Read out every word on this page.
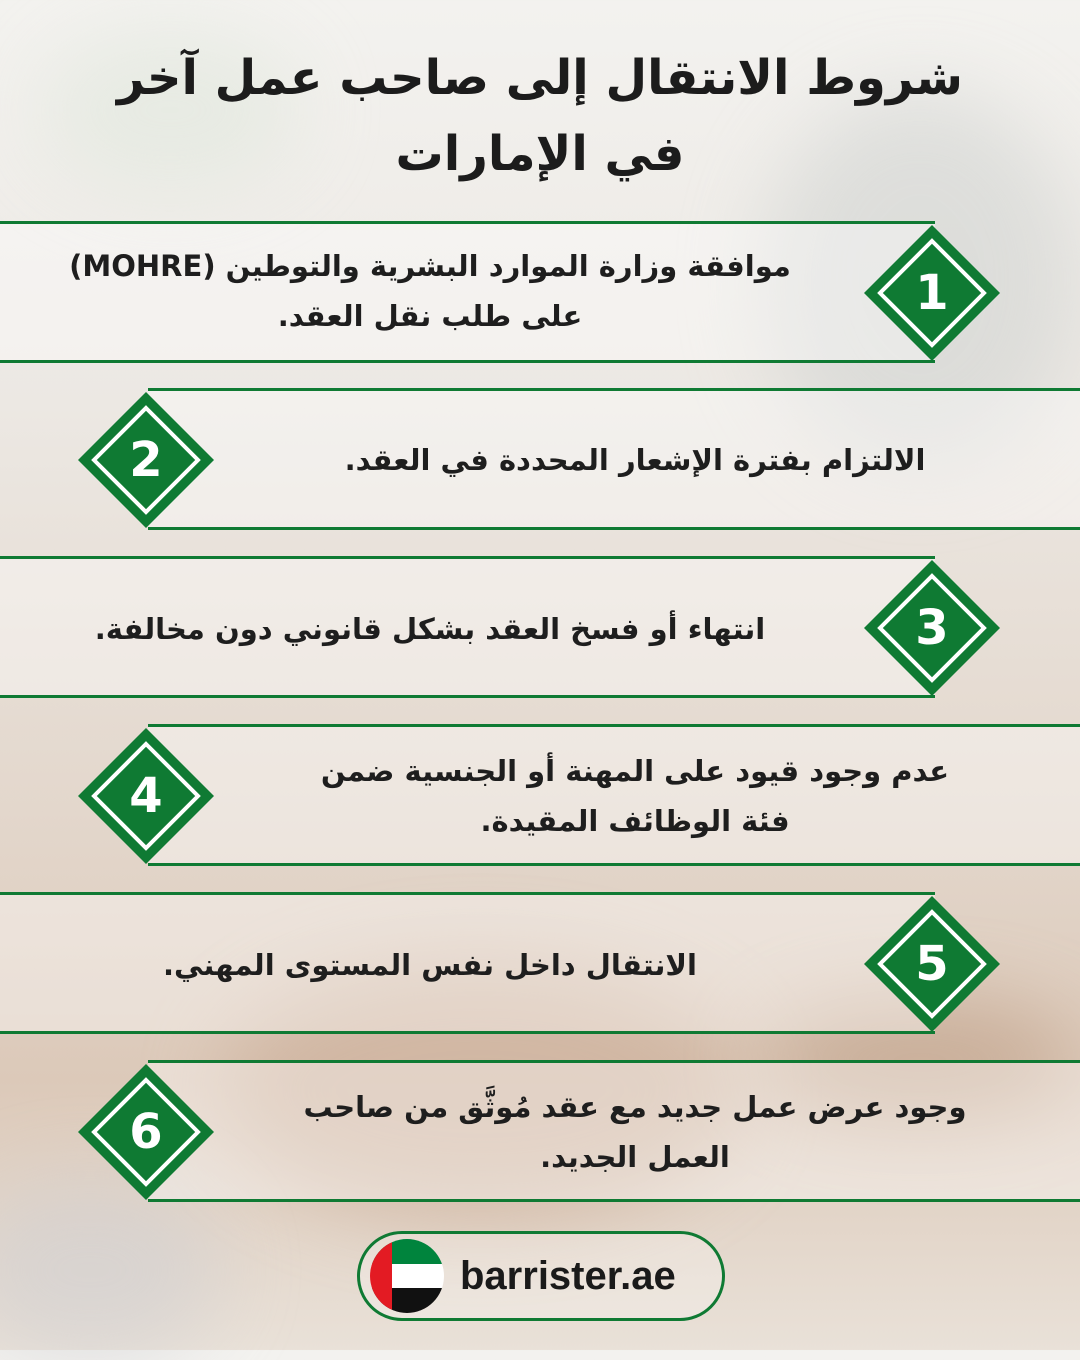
شروط الانتقال إلى صاحب عمل آخر
في الإمارات
موافقة وزارة الموارد البشرية والتوطين (MOHRE)
على طلب نقل العقد.	1
الالتزام بفترة الإشعار المحددة في العقد.
2
انتهاء أو فسخ العقد بشكل قانوني دون مخالفة.	3
عدم وجود قيود على المهنة أو الجنسية ضمن
فئة الوظائف المقيدة.
4
الانتقال داخل نفس المستوى المهني.	5
وجود عرض عمل جديد مع عقد مُوثَّق من صاحب
العمل الجديد.
6
barrister.ae
